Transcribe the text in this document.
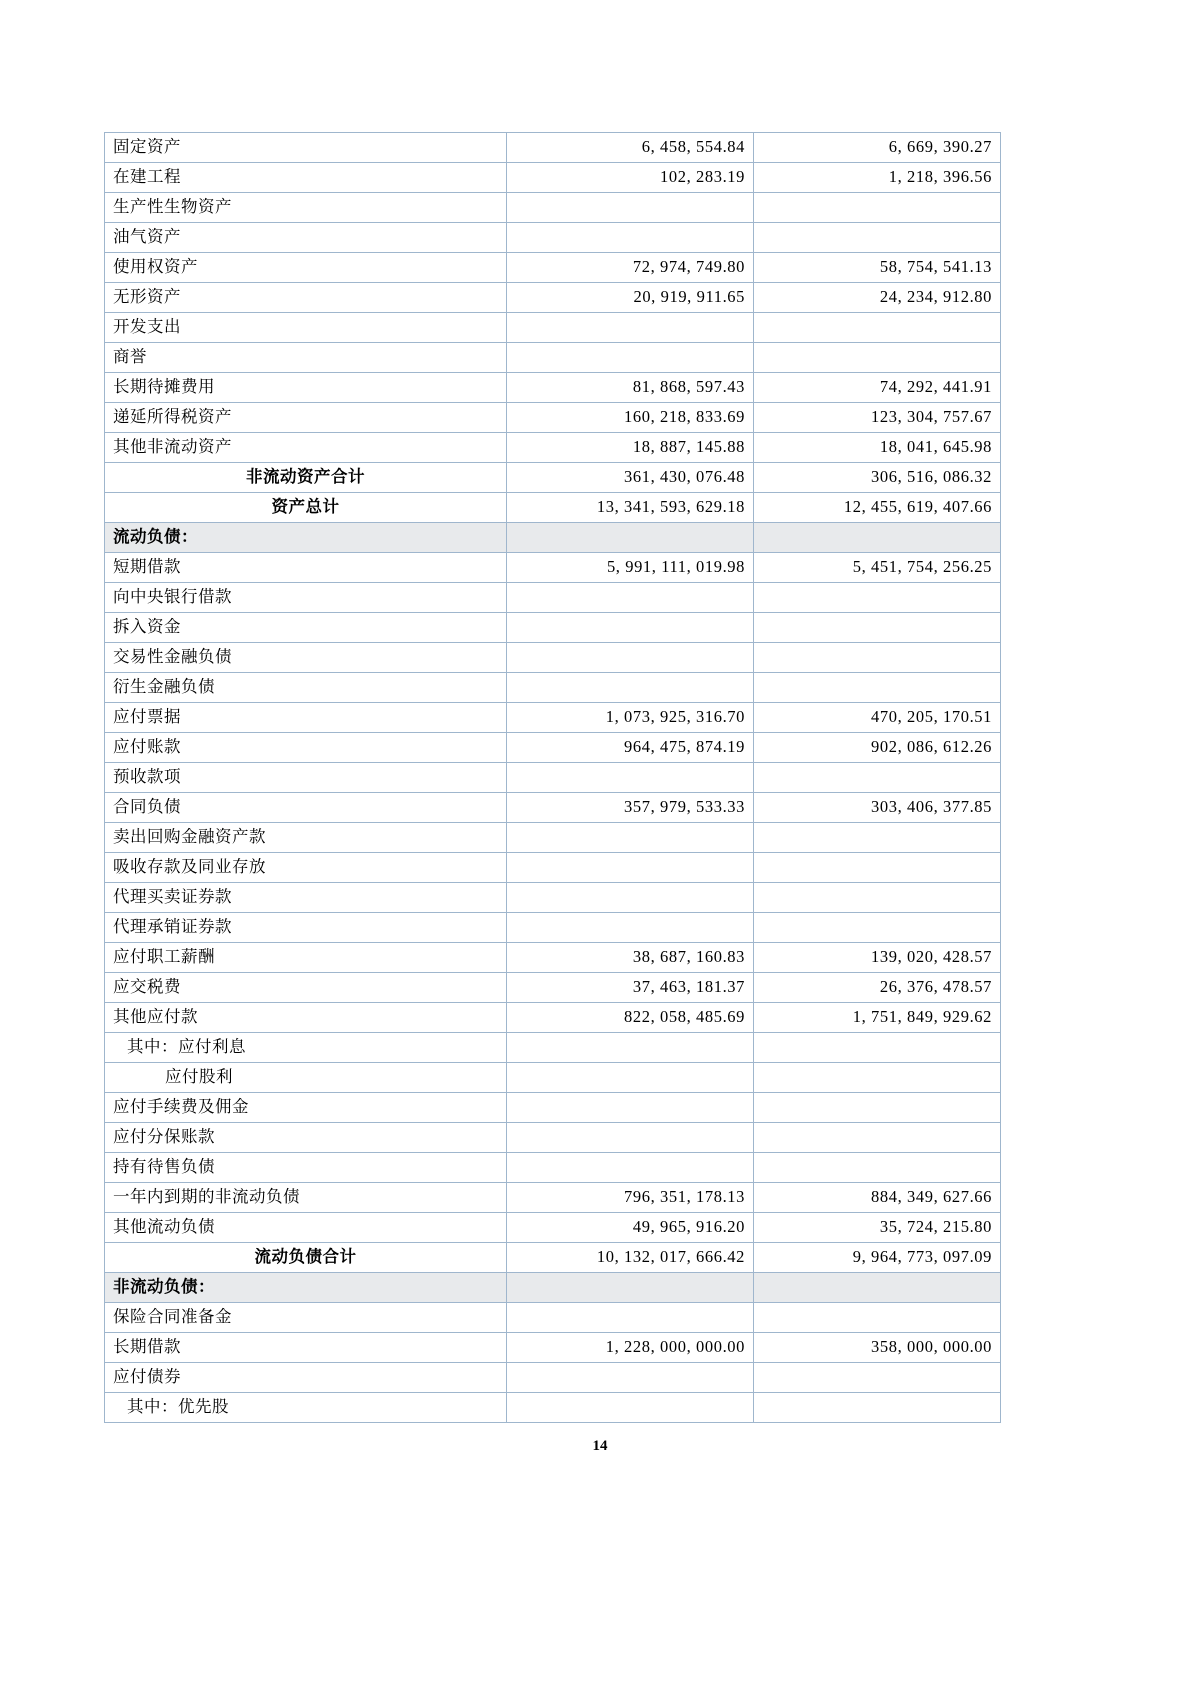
固定资产	6, 458, 554.84	6, 669, 390.27
在建工程	102, 283.19	1, 218, 396.56
生产性生物资产		
油气资产		
使用权资产	72, 974, 749.80	58, 754, 541.13
无形资产	20, 919, 911.65	24, 234, 912.80
开发支出		
商誉		
长期待摊费用	81, 868, 597.43	74, 292, 441.91
递延所得税资产	160, 218, 833.69	123, 304, 757.67
其他非流动资产	18, 887, 145.88	18, 041, 645.98
非流动资产合计	361, 430, 076.48	306, 516, 086.32
资产总计	13, 341, 593, 629.18	12, 455, 619, 407.66
流动负债：		
短期借款	5, 991, 111, 019.98	5, 451, 754, 256.25
向中央银行借款		
拆入资金		
交易性金融负债		
衍生金融负债		
应付票据	1, 073, 925, 316.70	470, 205, 170.51
应付账款	964, 475, 874.19	902, 086, 612.26
预收款项		
合同负债	357, 979, 533.33	303, 406, 377.85
卖出回购金融资产款		
吸收存款及同业存放		
代理买卖证券款		
代理承销证券款		
应付职工薪酬	38, 687, 160.83	139, 020, 428.57
应交税费	37, 463, 181.37	26, 376, 478.57
其他应付款	822, 058, 485.69	1, 751, 849, 929.62
其中：应付利息		
应付股利		
应付手续费及佣金		
应付分保账款		
持有待售负债		
一年内到期的非流动负债	796, 351, 178.13	884, 349, 627.66
其他流动负债	49, 965, 916.20	35, 724, 215.80
流动负债合计	10, 132, 017, 666.42	9, 964, 773, 097.09
非流动负债：		
保险合同准备金		
长期借款	1, 228, 000, 000.00	358, 000, 000.00
应付债券		
其中：优先股		
14
